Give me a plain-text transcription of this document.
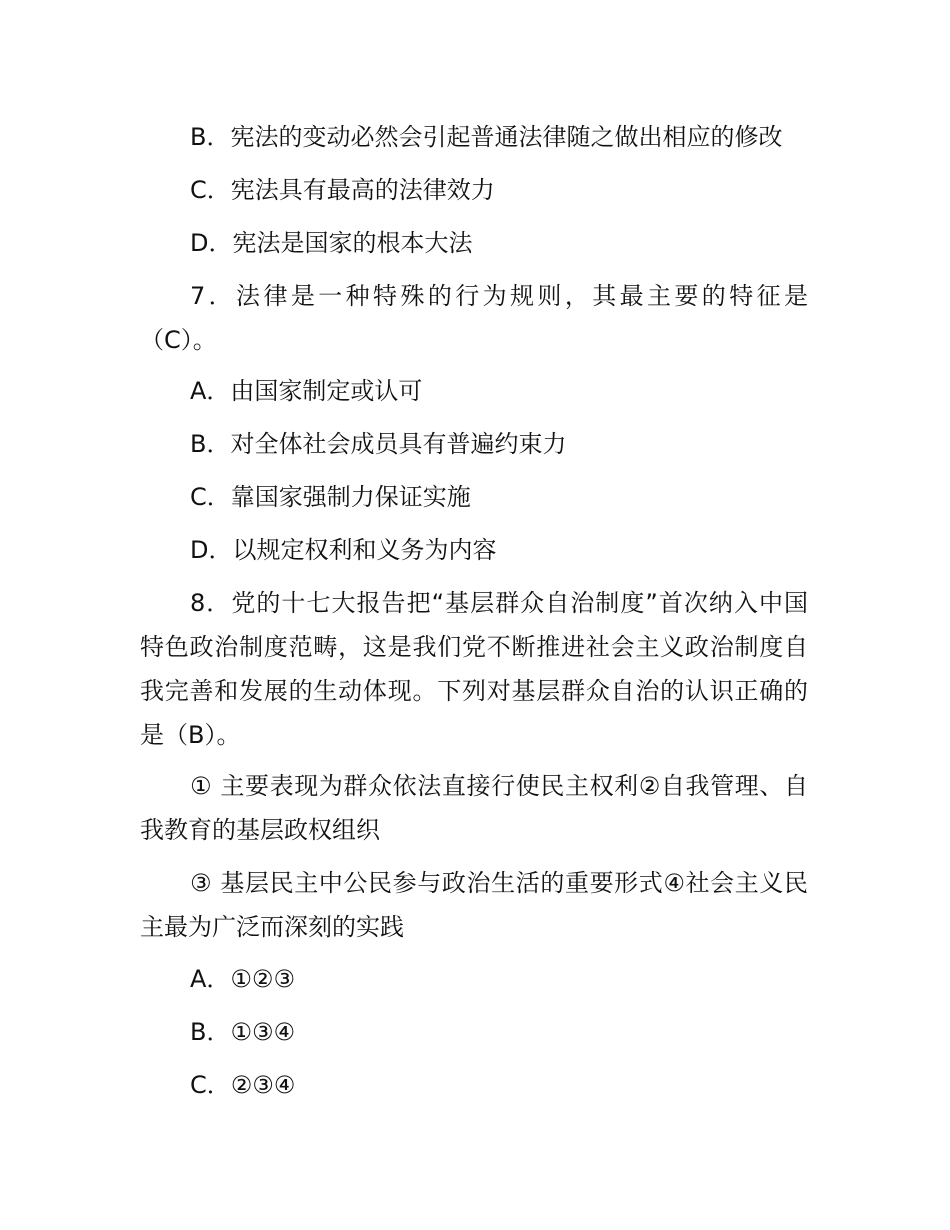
B．宪法的变动必然会引起普通法律随之做出相应的修改
C．宪法具有最高的法律效力
D．宪法是国家的根本大法
7．法律是一种特殊的行为规则，其最主要的特征是
（C）。
A．由国家制定或认可
B．对全体社会成员具有普遍约束力
C．靠国家强制力保证实施
D．以规定权利和义务为内容
8．党的十七大报告把“基层群众自治制度”首次纳入中国
特色政治制度范畴，这是我们党不断推进社会主义政治制度自
我完善和发展的生动体现。下列对基层群众自治的认识正确的
是（B）。
① 主要表现为群众依法直接行使民主权利②自我管理、自
我教育的基层政权组织
③ 基层民主中公民参与政治生活的重要形式④社会主义民
主最为广泛而深刻的实践
A．①②③
B．①③④
C．②③④
